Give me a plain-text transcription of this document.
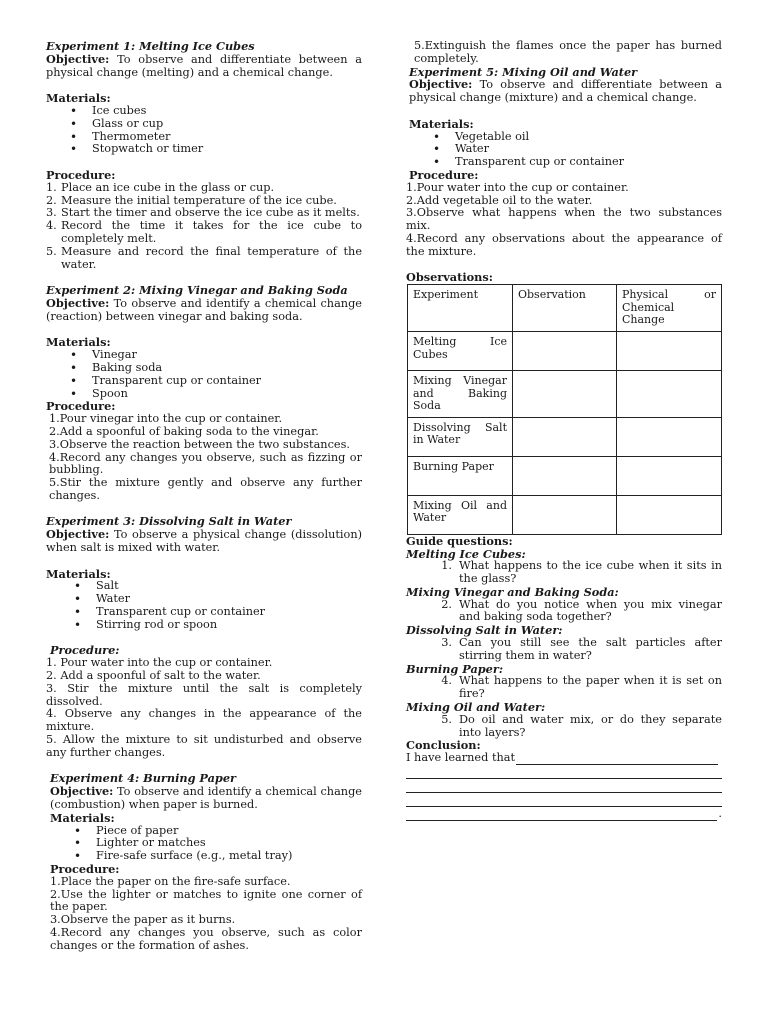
Experiment 1: Melting Ice Cubes

Objective: To observe and differentiate between a physical change (melting) and a chemical change.

Materials:

• Ice cubes
• Glass or cup
• Thermometer
• Stopwatch or timer

Procedure:

1. Place an ice cube in the glass or cup.
2. Measure the initial temperature of the ice cube.
3. Start the timer and observe the ice cube as it melts.
4. Record the time it takes for the ice cube to completely melt.
5. Measure and record the final temperature of the water.

Experiment 2: Mixing Vinegar and Baking Soda

Objective: To observe and identify a chemical change (reaction) between vinegar and baking soda.

Materials:

• Vinegar
• Baking soda
• Transparent cup or container
• Spoon

Procedure:

1.Pour vinegar into the cup or container.

2.Add a spoonful of baking soda to the vinegar.

3.Observe the reaction between the two substances.

4.Record any changes you observe, such as fizzing or bubbling.

5.Stir the mixture gently and observe any further changes.

Experiment 3: Dissolving Salt in Water

Objective: To observe a physical change (dissolution) when salt is mixed with water.

Materials:

• Salt
• Water
• Transparent cup or container
• Stirring rod or spoon

Procedure:

1. Pour water into the cup or container.

2. Add a spoonful of salt to the water.

3. Stir the mixture until the salt is completely dissolved.

4. Observe any changes in the appearance of the mixture.

5. Allow the mixture to sit undisturbed and observe any further changes.

Experiment 4: Burning Paper

Objective: To observe and identify a chemical change (combustion) when paper is burned.

Materials:

• Piece of paper
• Lighter or matches
• Fire-safe surface (e.g., metal tray)

Procedure:

1.Place the paper on the fire-safe surface.

2.Use the lighter or matches to ignite one corner of the paper.

3.Observe the paper as it burns.

4.Record any changes you observe, such as color changes or the formation of ashes.

5.Extinguish the flames once the paper has burned completely.

Experiment 5: Mixing Oil and Water

Objective: To observe and differentiate between a physical change (mixture) and a chemical change.

Materials:

• Vegetable oil
• Water
• Transparent cup or container

Procedure:

1.Pour water into the cup or container.

2.Add vegetable oil to the water.

3.Observe what happens when the two substances mix.

4.Record any observations about the appearance of the mixture.

Observations:

Experiment	Observation	Physical or Chemical Change
Melting Ice Cubes		
Mixing Vinegar and Baking Soda		
Dissolving Salt in Water		
Burning Paper		
Mixing Oil and Water		

Guide questions:

Melting Ice Cubes:

1. What happens to the ice cube when it sits in the glass?

Mixing Vinegar and Baking Soda:

2. What do you notice when you mix vinegar and baking soda together?

Dissolving Salt in Water:

3. Can you still see the salt particles after stirring them in water?

Burning Paper:

4. What happens to the paper when it is set on fire?

Mixing Oil and Water:

5. Do oil and water mix, or do they separate into layers?

Conclusion:

I have learned that
.
